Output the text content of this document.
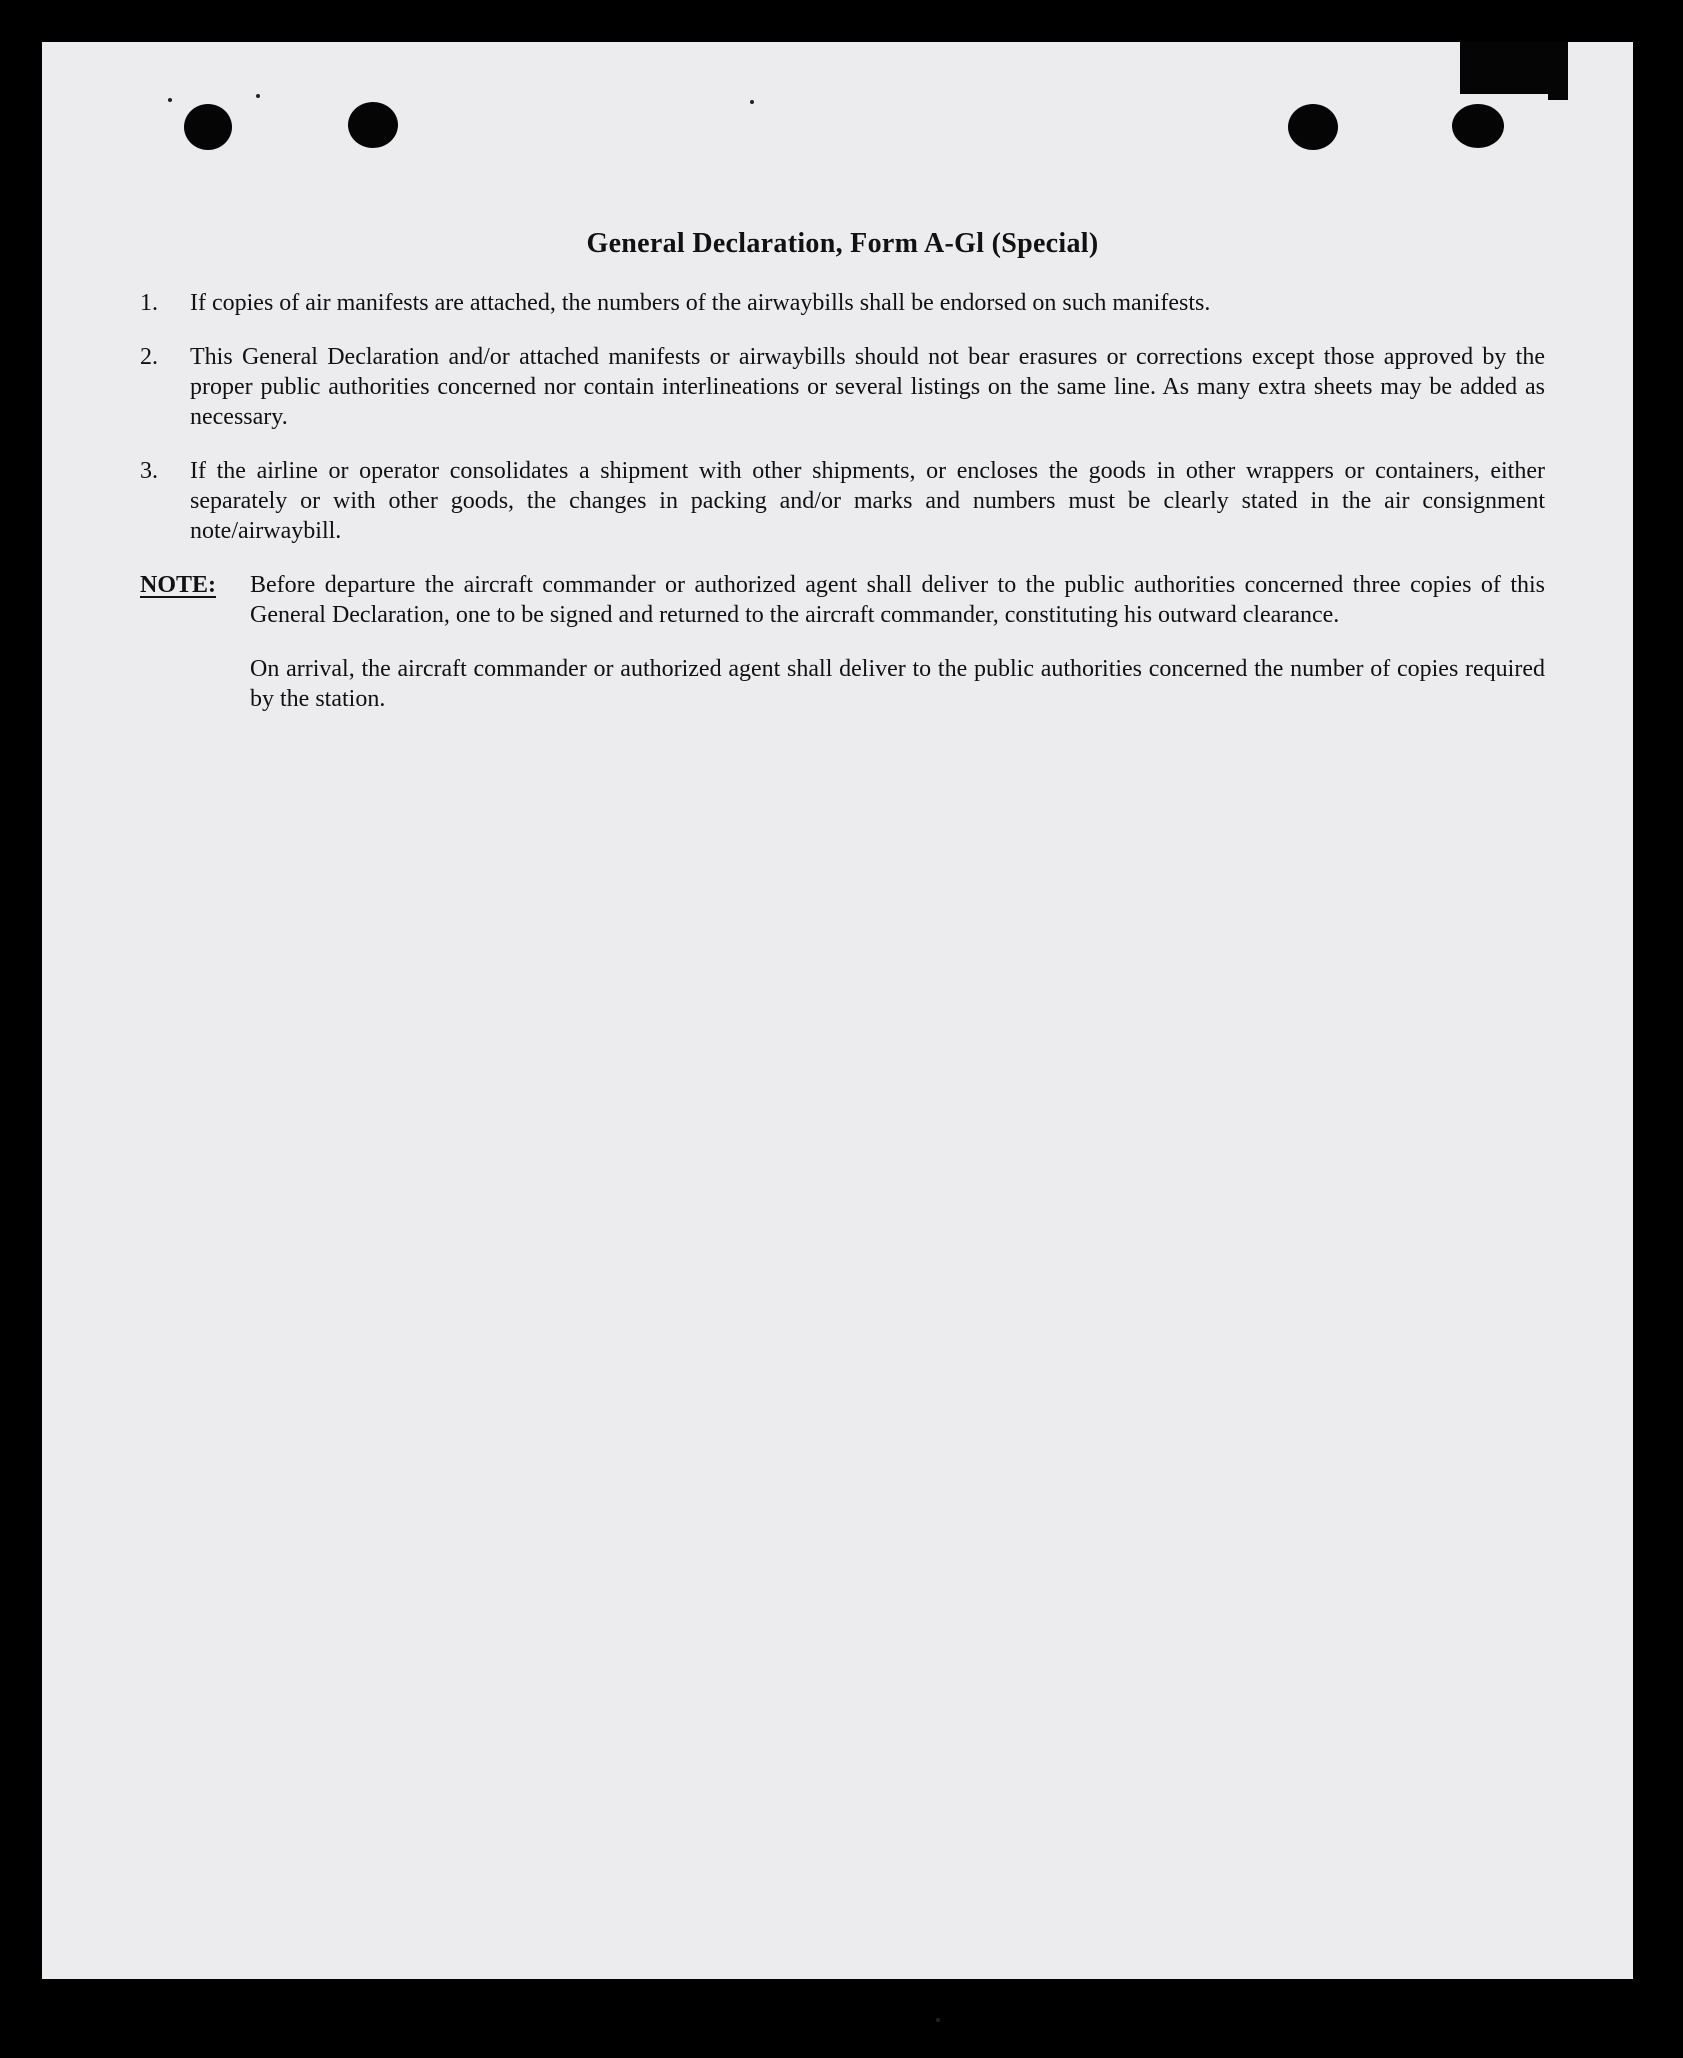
General Declaration, Form A-Gl (Special)
1.	If copies of air manifests are attached, the numbers of the airwaybills shall be endorsed on such manifests.
2.	This General Declaration and/or attached manifests or airwaybills should not bear erasures or corrections except those approved by the proper public authorities concerned nor contain interlineations or several listings on the same line. As many extra sheets may be added as necessary.
3.	If the airline or operator consolidates a shipment with other shipments, or encloses the goods in other wrappers or containers, either separately or with other goods, the changes in packing and/or marks and numbers must be clearly stated in the air consignment note/airwaybill.
NOTE:	Before departure the aircraft commander or authorized agent shall deliver to the public authorities concerned three copies of this General Declaration, one to be signed and returned to the aircraft commander, constituting his outward clearance.

On arrival, the aircraft commander or authorized agent shall deliver to the public authorities concerned the number of copies required by the station.
